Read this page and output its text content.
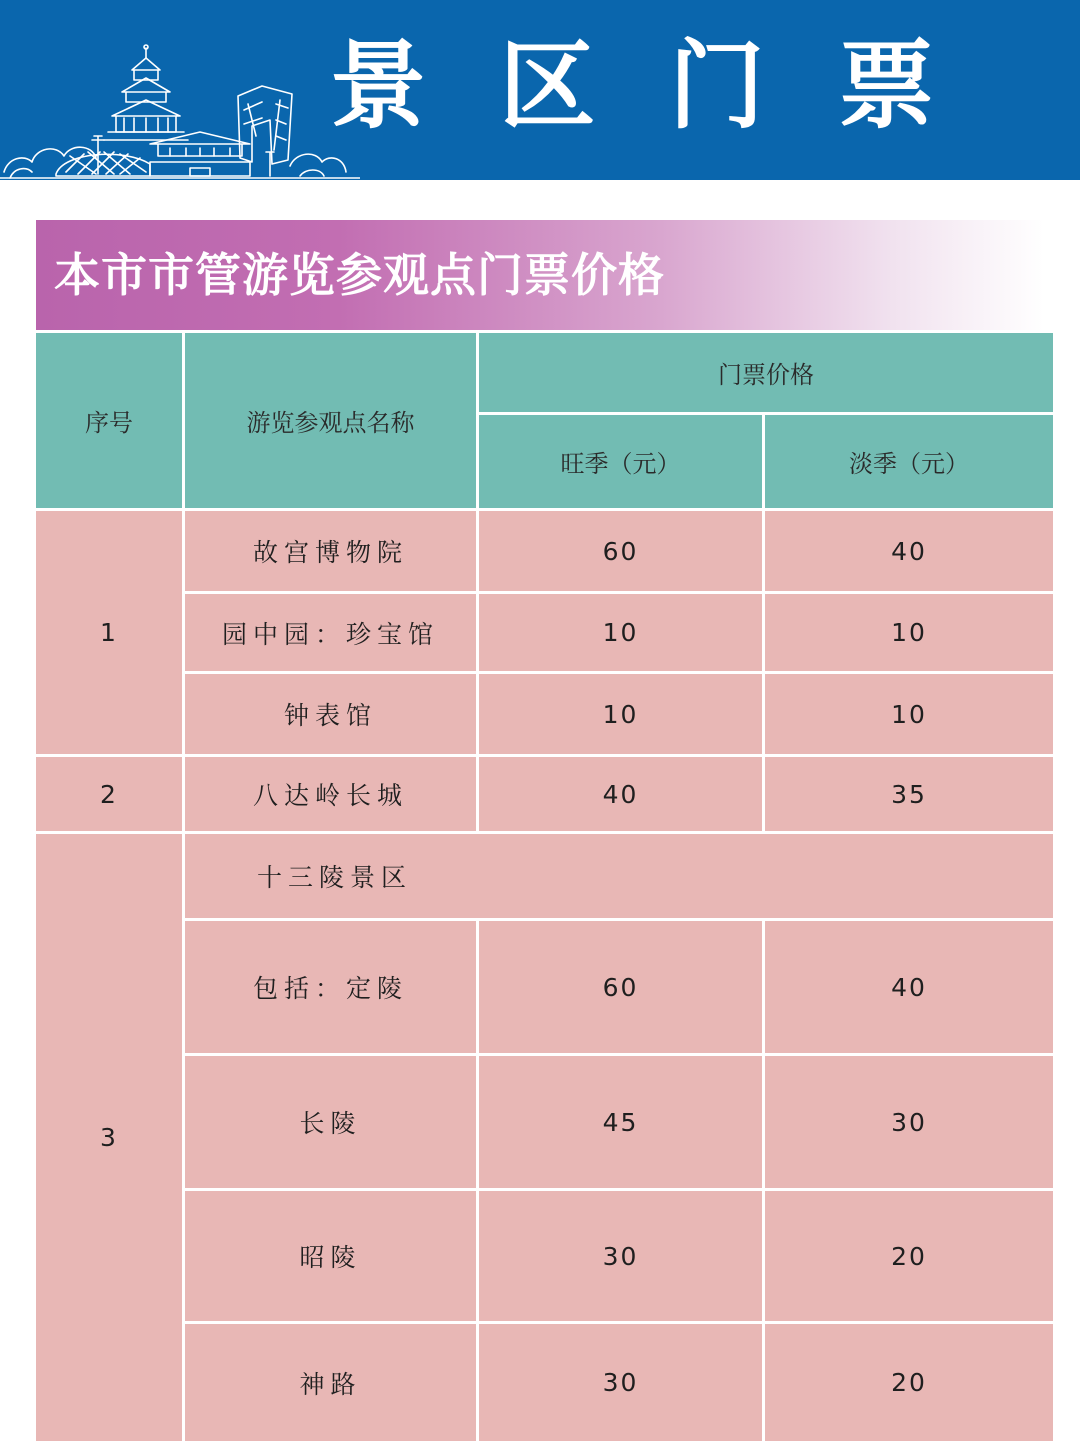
景 区 门 票
本市市管游览参观点门票价格
序号	游览参观点名称
门票价格
旺季（元）	淡季（元）
1
故宫博物院	60	40
园中园：珍宝馆	10	10
钟表馆	10	10
2	八达岭长城	40	35
3
十三陵景区
包括：定陵	60	40
长陵	45	30
昭陵	30	20
神路	30	20
